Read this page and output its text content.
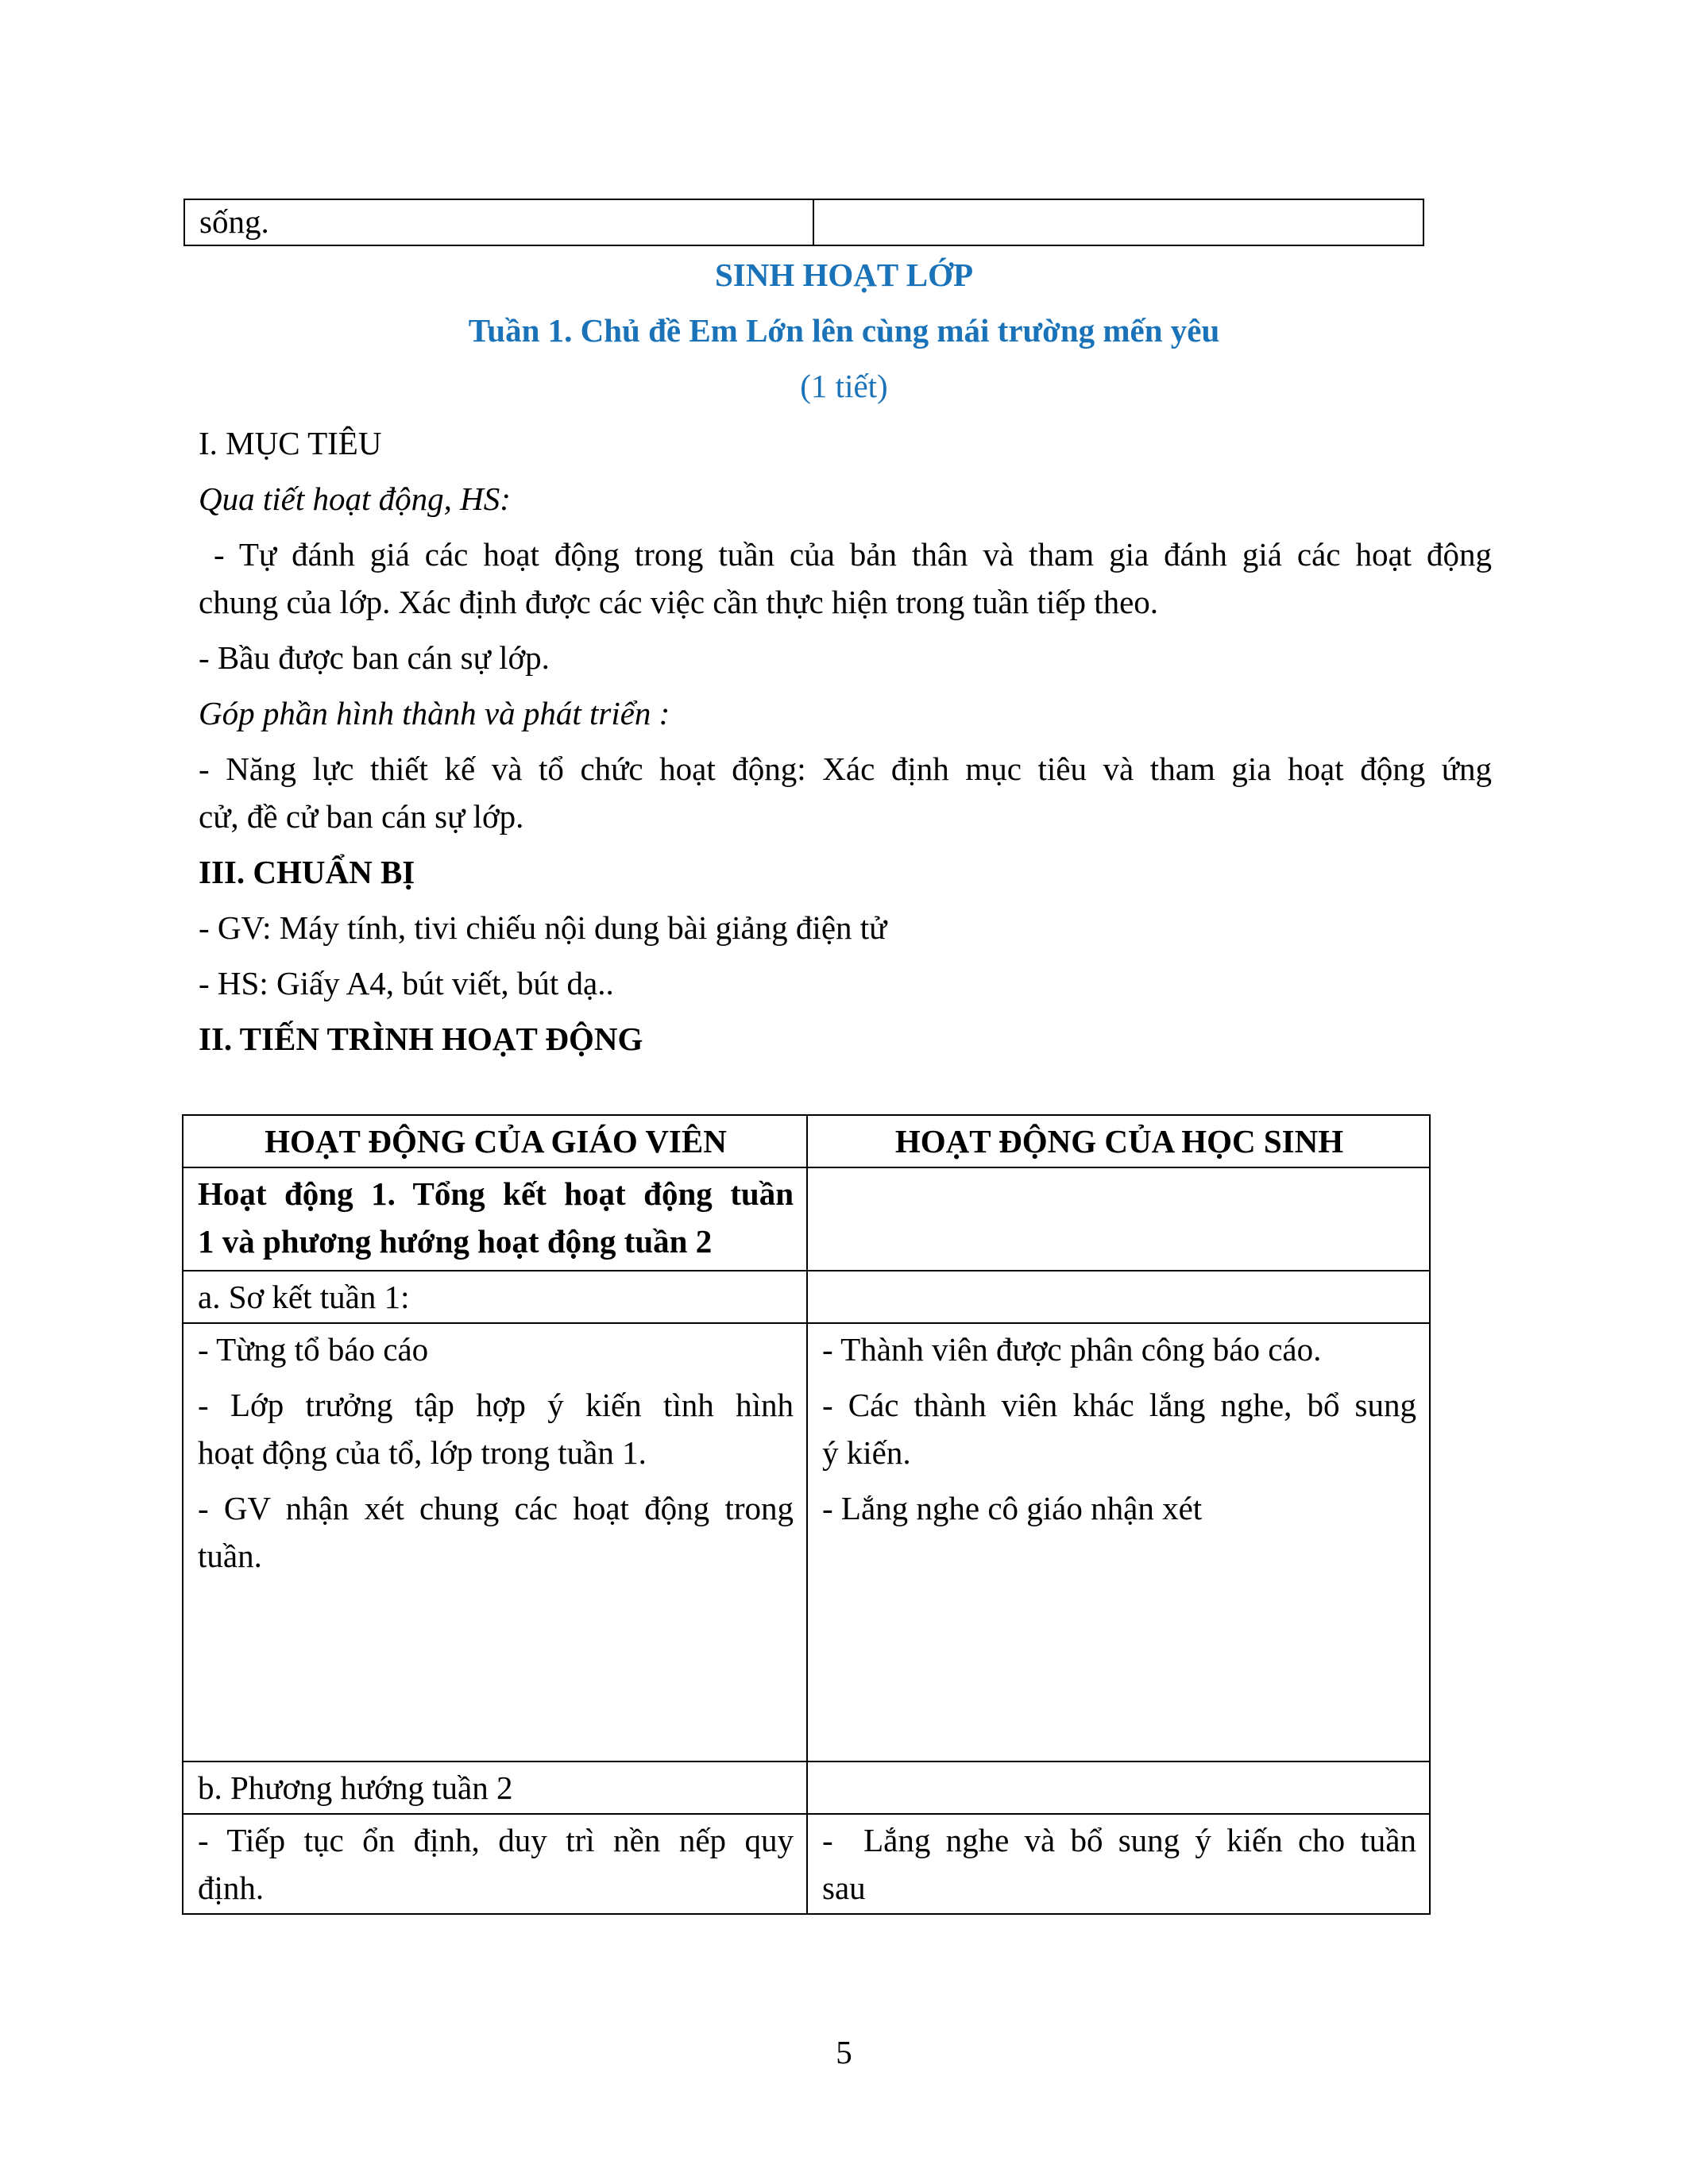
sống.	
SINH HOẠT LỚP
Tuần 1. Chủ đề Em Lớn lên cùng mái trường mến yêu
(1 tiết)
I. MỤC TIÊU
Qua tiết hoạt động, HS:
- Tự đánh giá các hoạt động trong tuần của bản thân và tham gia đánh giá các hoạt động
chung của lớp. Xác định được các việc cần thực hiện trong tuần tiếp theo.
- Bầu được ban cán sự lớp.
Góp phần hình thành và phát triển :
- Năng lực thiết kế và tổ chức hoạt động: Xác định mục tiêu và tham gia hoạt động ứng
cử, đề cử ban cán sự lớp.
III. CHUẨN BỊ
- GV: Máy tính, tivi chiếu nội dung bài giảng điện tử
- HS: Giấy A4, bút viết, bút dạ..
II. TIẾN TRÌNH HOẠT ĐỘNG
HOẠT ĐỘNG CỦA GIÁO VIÊN	HOẠT ĐỘNG CỦA HỌC SINH

Hoạt động 1. Tổng kết hoạt động tuần
1 và phương hướng hoạt động tuần 2	

a. Sơ kết tuần 1:	

- Từng tổ báo cáo
- Lớp trưởng tập hợp ý kiến tình hình
hoạt động của tổ, lớp trong tuần 1.
- GV nhận xét chung các hoạt động trong
tuần.	- Thành viên được phân công báo cáo.
- Các thành viên khác lắng nghe, bổ sung
ý kiến.
- Lắng nghe cô giáo nhận xét

b. Phương hướng tuần 2	

- Tiếp tục ổn định, duy trì nền nếp quy
định.	-  Lắng nghe và bổ sung ý kiến cho tuần
sau
5
